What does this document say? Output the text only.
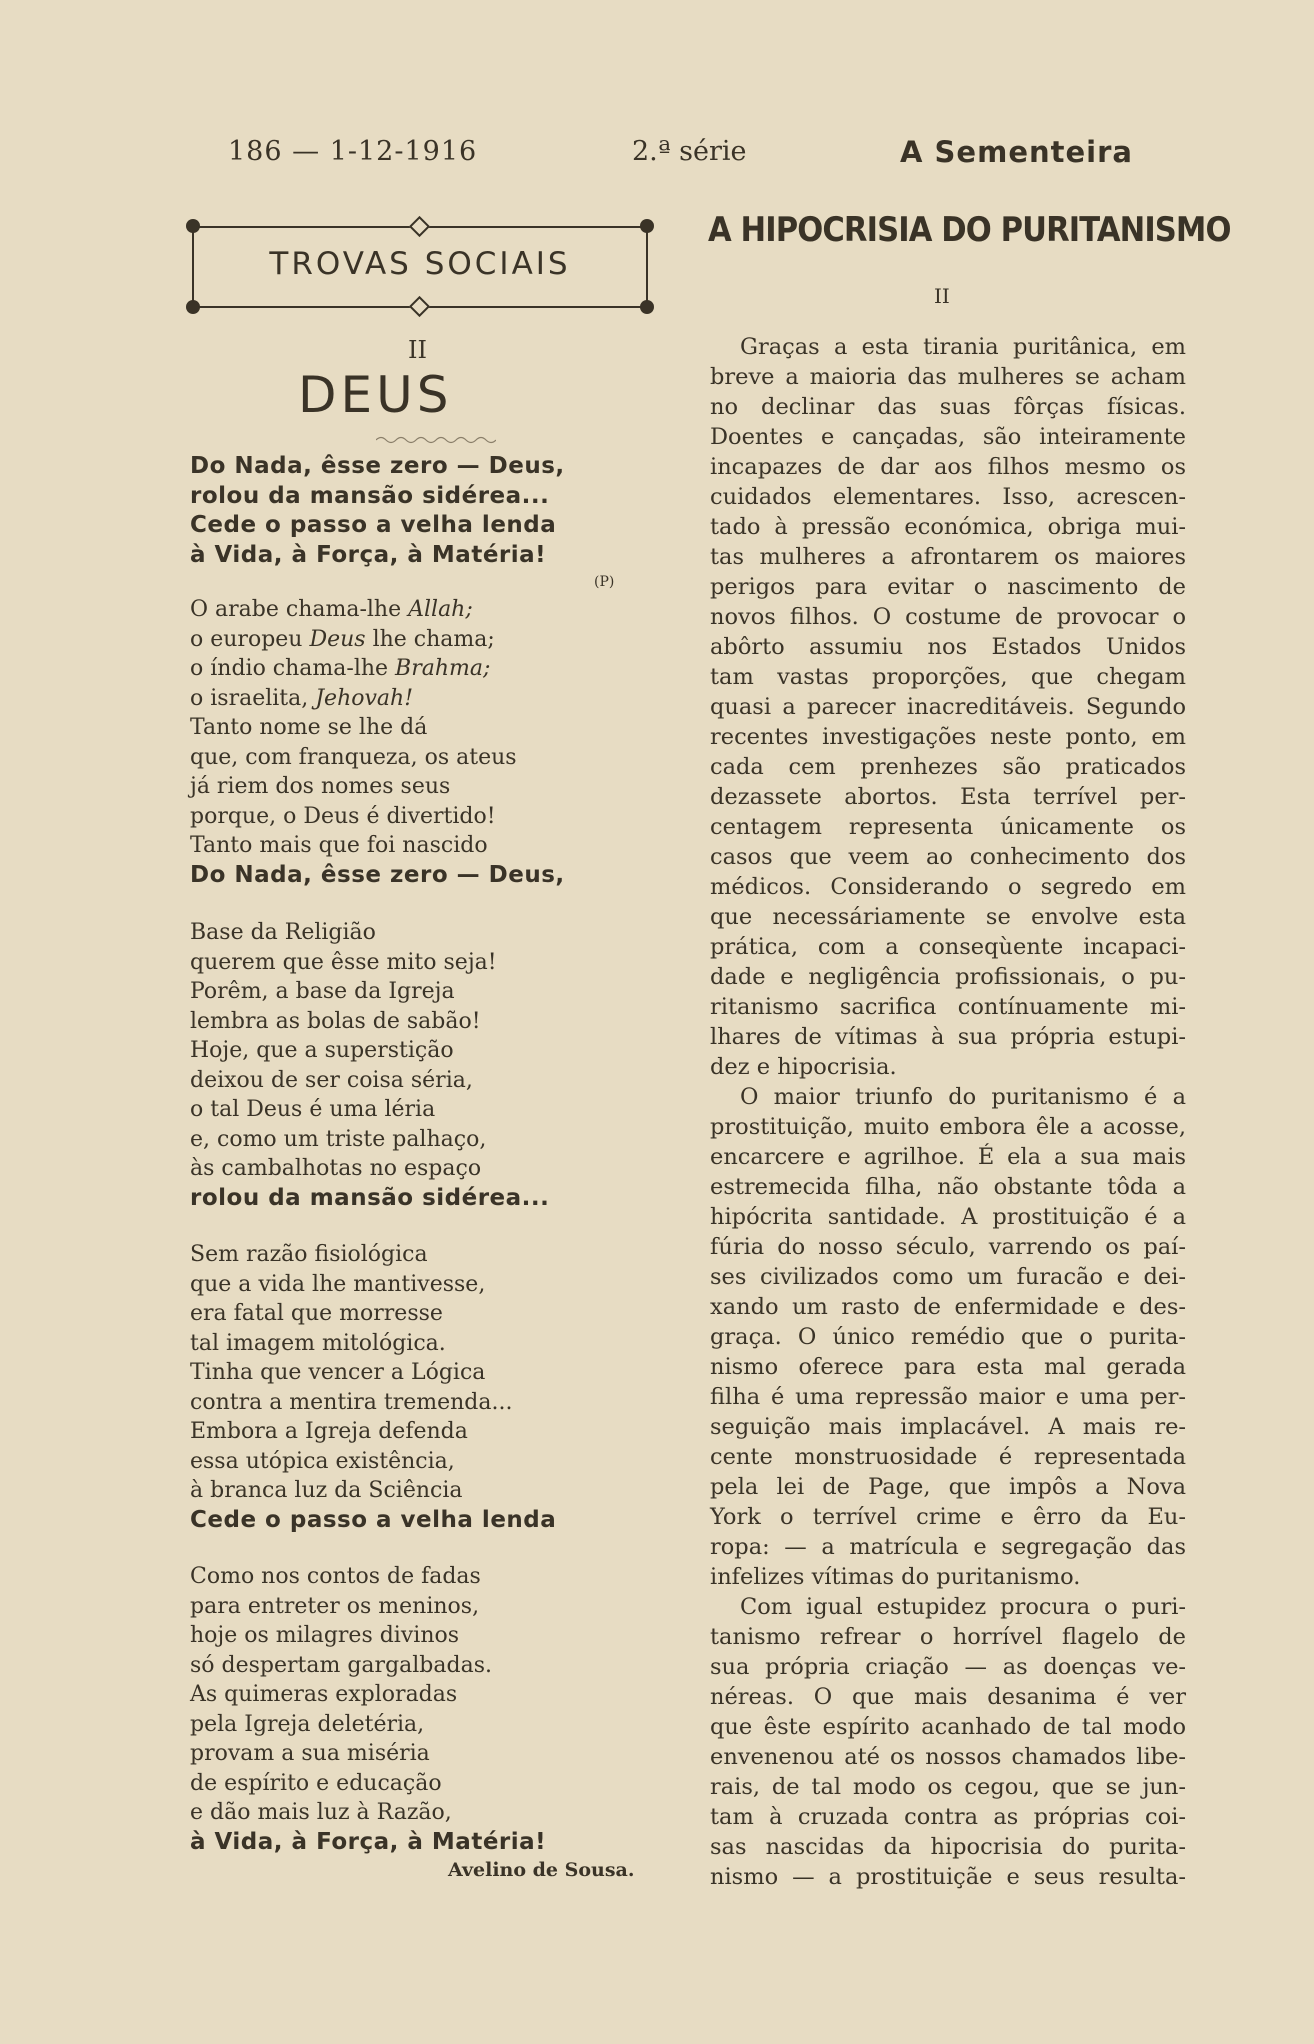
186 — 1-12-1916	2.ª série	A Sementeira
TROVAS SOCIAIS
II
DEUS
(P)
Do Nada, êsse zero — Deus,
rolou da mansão sidérea...
Cede o passo a velha lenda
à Vida, à Força, à Matéria!
O arabe chama-lhe Allah;
o europeu Deus lhe chama;
o índio chama-lhe Brahma;
o israelita, Jehovah!
Tanto nome se lhe dá
que, com franqueza, os ateus
já riem dos nomes seus
porque, o Deus é divertido!
Tanto mais que foi nascido
Do Nada, êsse zero — Deus,
Base da Religião
querem que êsse mito seja!
Porêm, a base da Igreja
lembra as bolas de sabão!
Hoje, que a superstição
deixou de ser coisa séria,
o tal Deus é uma léria
e, como um triste palhaço,
às cambalhotas no espaço
rolou da mansão sidérea...
Sem razão fisiológica
que a vida lhe mantivesse,
era fatal que morresse
tal imagem mitológica.
Tinha que vencer a Lógica
contra a mentira tremenda...
Embora a Igreja defenda
essa utópica existência,
à branca luz da Sciência
Cede o passo a velha lenda
Como nos contos de fadas
para entreter os meninos,
hoje os milagres divinos
só despertam gargalbadas.
As quimeras exploradas
pela Igreja deletéria,
provam a sua miséria
de espírito e educação
e dão mais luz à Razão,
à Vida, à Força, à Matéria!
Avelino de Sousa.
A HIPOCRISIA DO PURITANISMO
II
Graças a esta tirania puritânica, em
breve a maioria das mulheres se acham
no declinar das suas fôrças físicas.
Doentes e cançadas, são inteiramente
incapazes de dar aos filhos mesmo os
cuidados elementares. Isso, acrescen-
tado à pressão económica, obriga mui-
tas mulheres a afrontarem os maiores
perigos para evitar o nascimento de
novos filhos. O costume de provocar o
abôrto assumiu nos Estados Unidos
tam vastas proporções, que chegam
quasi a parecer inacreditáveis. Segundo
recentes investigações neste ponto, em
cada cem prenhezes são praticados
dezassete abortos. Esta terrível per-
centagem representa únicamente os
casos que veem ao conhecimento dos
médicos. Considerando o segredo em
que necessáriamente se envolve esta
prática, com a conseqùente incapaci-
dade e negligência profissionais, o pu-
ritanismo sacrifica contínuamente mi-
lhares de vítimas à sua própria estupi-
dez e hipocrisia.
O maior triunfo do puritanismo é a
prostituição, muito embora êle a acosse,
encarcere e agrilhoe. É ela a sua mais
estremecida filha, não obstante tôda a
hipócrita santidade. A prostituição é a
fúria do nosso século, varrendo os paí-
ses civilizados como um furacão e dei-
xando um rasto de enfermidade e des-
graça. O único remédio que o purita-
nismo oferece para esta mal gerada
filha é uma repressão maior e uma per-
seguição mais implacável. A mais re-
cente monstruosidade é representada
pela lei de Page, que impôs a Nova
York o terrível crime e êrro da Eu-
ropa: — a matrícula e segregação das
infelizes vítimas do puritanismo.
Com igual estupidez procura o puri-
tanismo refrear o horrível flagelo de
sua própria criação — as doenças ve-
néreas. O que mais desanima é ver
que êste espírito acanhado de tal modo
envenenou até os nossos chamados libe-
rais, de tal modo os cegou, que se jun-
tam à cruzada contra as próprias coi-
sas nascidas da hipocrisia do purita-
nismo — a prostituiçãe e seus resulta-
